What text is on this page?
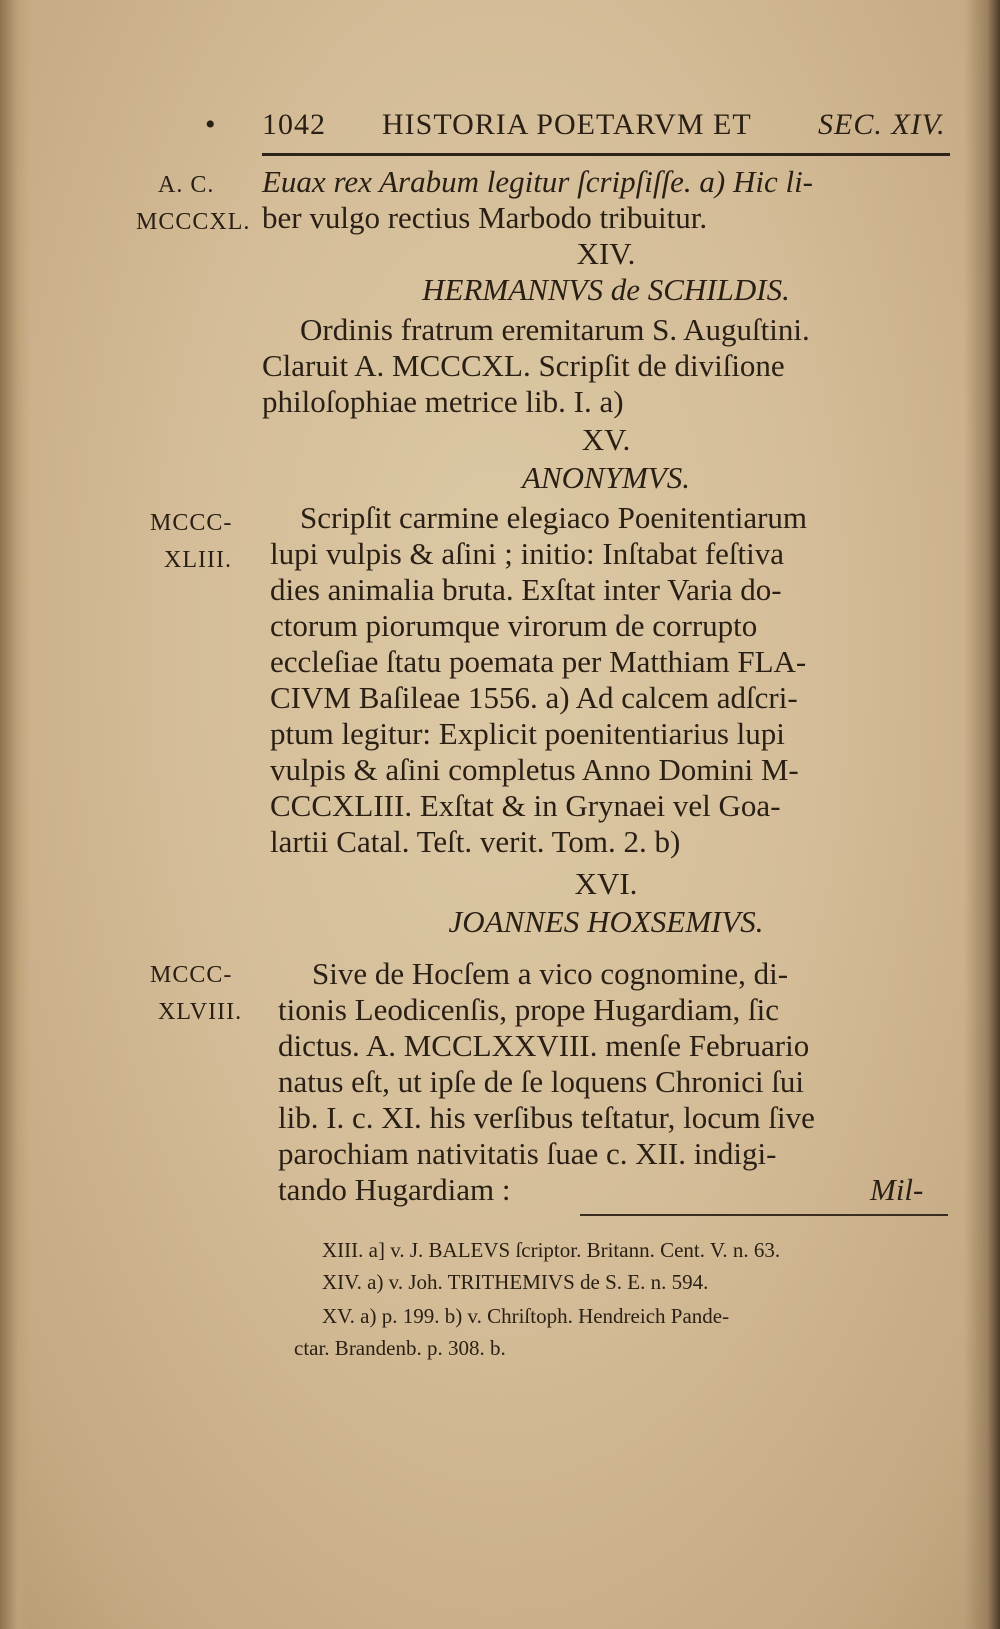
• 1042 HISTORIA POETARVM ET SEC. XIV.
A. C.
MCCCXL.
MCCC-
XLIII.
MCCC-
XLVIII.
Euax rex Arabum legitur ſcripſiſſe. a) Hic li-
ber vulgo rectius Marbodo tribuitur.
XIV.
HERMANNVS de SCHILDIS.
Ordinis fratrum eremitarum S. Auguſtini.
Claruit A. MCCCXL. Scripſit de diviſione
philoſophiae metrice lib. I. a)
XV.
ANONYMVS.
Scripſit carmine elegiaco Poenitentiarum
lupi vulpis & aſini ; initio: Inſtabat feſtiva
dies animalia bruta. Exſtat inter Varia do-
ctorum piorumque virorum de corrupto
eccleſiae ſtatu poemata per Matthiam FLA-
CIVM Baſileae 1556. a) Ad calcem adſcri-
ptum legitur: Explicit poenitentiarius lupi
vulpis & aſini completus Anno Domini M-
CCCXLIII. Exſtat & in Grynaei vel Goa-
lartii Catal. Teſt. verit. Tom. 2. b)
XVI.
JOANNES HOXSEMIVS.
Sive de Hocſem a vico cognomine, di-
tionis Leodicenſis, prope Hugardiam, ſic
dictus. A. MCCLXXVIII. menſe Februario
natus eſt, ut ipſe de ſe loquens Chronici ſui
lib. I. c. XI. his verſibus teſtatur, locum ſive
parochiam nativitatis ſuae c. XII. indigi-
tando Hugardiam :	Mil-
XIII. a] v. J. BALEVS ſcriptor. Britann. Cent. V. n. 63.
XIV. a) v. Joh. TRITHEMIVS de S. E. n. 594.
XV. a) p. 199. b) v. Chriſtoph. Hendreich Pande-
ctar. Brandenb. p. 308. b.
